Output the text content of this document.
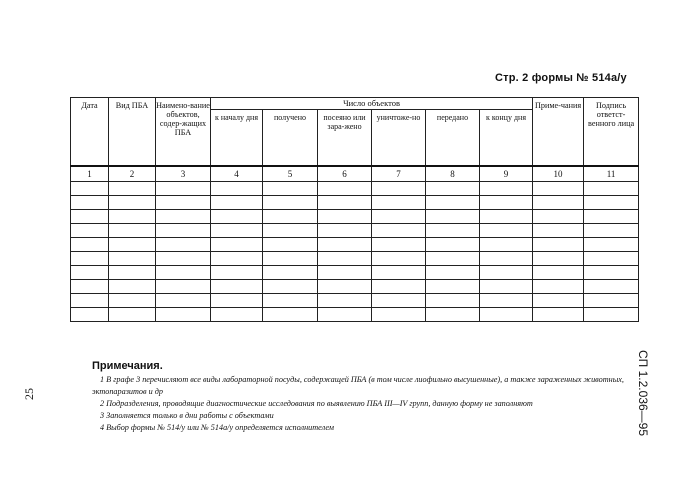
Стр. 2 формы № 514а/у
Дата	Вид ПБА	Наимено-вание объектов, содер-жащих ПБА	Число объектов						Приме-чания	Подпись ответст-венного лица
			к началу дня	получено	посеяно или зара-жено	уничтоже-но	передано	к концу дня		
1	2	3	4	5	6	7	8	9	10	11

Примечания.

1 В графе 3 перечисляют все виды лабораторной посуды, содержащей ПБА (в том числе лиофильно высушенные), а также зараженных животных, эктопаразитов и др

2 Подразделения, проводящие диагностические исследования по выявлению ПБА III—IV групп, данную форму не заполняют

3 Заполняется только в дни работы с объектами

4 Выбор формы № 514/у или № 514а/у определяется исполнителем

25	СП 1.2.036—95
